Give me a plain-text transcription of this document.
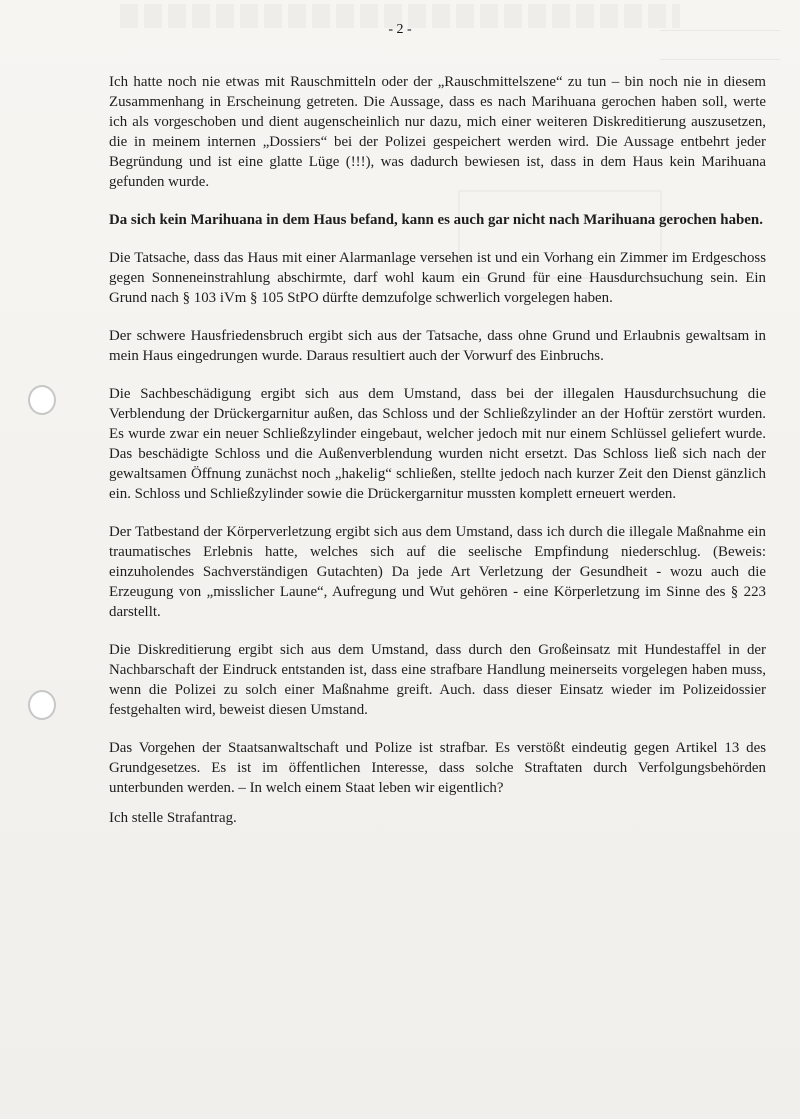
- 2 -

Ich hatte noch nie etwas mit Rauschmitteln oder der „Rauschmittelszene“ zu tun – bin noch nie in diesem Zusammenhang in Erscheinung getreten. Die Aussage, dass es nach Marihuana gerochen haben soll, werte ich als vorgeschoben und dient augenscheinlich nur dazu, mich einer weiteren Diskreditierung auszusetzen, die in meinem internen „Dossiers“ bei der Polizei gespeichert werden wird. Die Aussage entbehrt jeder Begründung und ist eine glatte Lüge (!!!), was dadurch bewiesen ist, dass in dem Haus kein Marihuana gefunden wurde.

Da sich kein Marihuana in dem Haus befand, kann es auch gar nicht nach Marihuana gerochen haben.

Die Tatsache, dass das Haus mit einer Alarmanlage versehen ist und ein Vorhang ein Zimmer im Erdgeschoss gegen Sonneneinstrahlung abschirmte, darf wohl kaum ein Grund für eine Hausdurchsuchung sein. Ein Grund nach § 103 iVm § 105 StPO dürfte demzufolge schwerlich vorgelegen haben.

Der schwere Hausfriedensbruch ergibt sich aus der Tatsache, dass ohne Grund und Erlaubnis gewaltsam in mein Haus eingedrungen wurde. Daraus resultiert auch der Vorwurf des Einbruchs.

Die Sachbeschädigung ergibt sich aus dem Umstand, dass bei der illegalen Hausdurchsuchung die Verblendung der Drückergarnitur außen, das Schloss und der Schließzylinder an der Hoftür zerstört wurden. Es wurde zwar ein neuer Schließzylinder eingebaut, welcher jedoch mit nur einem Schlüssel geliefert wurde. Das beschädigte Schloss und die Außenverblendung wurden nicht ersetzt. Das Schloss ließ sich nach der gewaltsamen Öffnung zunächst noch „hakelig“ schließen, stellte jedoch nach kurzer Zeit den Dienst gänzlich ein. Schloss und Schließzylinder sowie die Drückergarnitur mussten komplett erneuert werden.

Der Tatbestand der Körperverletzung ergibt sich aus dem Umstand, dass ich durch die illegale Maßnahme ein traumatisches Erlebnis hatte, welches sich auf die seelische Empfindung niederschlug. (Beweis: einzuholendes Sachverständigen Gutachten) Da jede Art Verletzung der Gesundheit - wozu auch die Erzeugung von „misslicher Laune“, Aufregung und Wut gehören - eine Körperletzung im Sinne des § 223 darstellt.

Die Diskreditierung ergibt sich aus dem Umstand, dass durch den Großeinsatz mit Hundestaffel in der Nachbarschaft der Eindruck entstanden ist, dass eine strafbare Handlung meinerseits vorgelegen haben muss, wenn die Polizei zu solch einer Maßnahme greift. Auch. dass dieser Einsatz wieder im Polizeidossier festgehalten wird, beweist diesen Umstand.

Das Vorgehen der Staatsanwaltschaft und Polize ist strafbar. Es verstößt eindeutig gegen Artikel 13 des Grundgesetzes. Es ist im öffentlichen Interesse, dass solche Straftaten durch Verfolgungsbehörden unterbunden werden. – In welch einem Staat leben wir eigentlich?

Ich stelle Strafantrag.
